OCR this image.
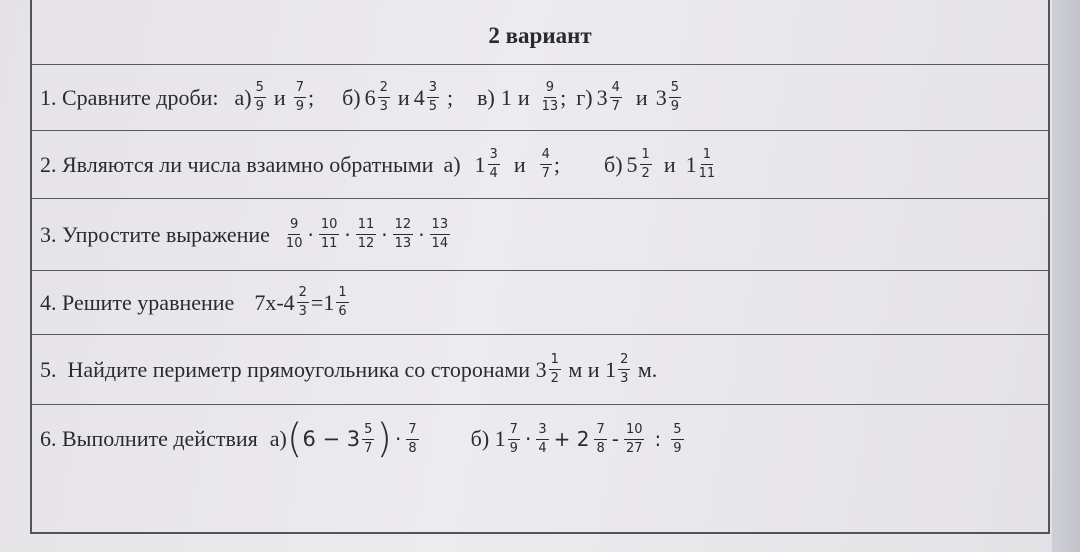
2 вариант
1. Сравните дроби: $а) \frac{5}{9}$ и $\frac{7}{9}$ ; б) $6 \frac{2}{3}$ и $4 \frac{3}{5}$ ; в) 1 и $\frac{9}{13}$ ; г) $3 \frac{4}{7}$ и $3 \frac{5}{9}$
2. Являются ли числа взаимно обратными а) $1 \frac{3}{4}$ и $\frac{4}{7}$ ; б) $5 \frac{1}{2}$ и $1 \frac{1}{11}$
3. Упростите выражение $\frac{9}{10} \cdot \frac{10}{11} \cdot \frac{11}{12} \cdot \frac{12}{13} \cdot \frac{13}{14}$
4. Решите уравнение $7х-4 \frac{2}{3} =1 \frac{1}{6}$
5.  Найдите периметр прямоугольника со сторонами $3 \frac{1}{2}$ м и $1 \frac{2}{3} м$.
6. Выполните действия а) ( $6 - 3 \frac{5}{7}$ ) · $\frac{7}{8} б$) $1 \frac{7}{9} \cdot \frac{3}{4} + 2 \frac{7}{8} - \frac{10}{27}$ : $\frac{5}{9}$
